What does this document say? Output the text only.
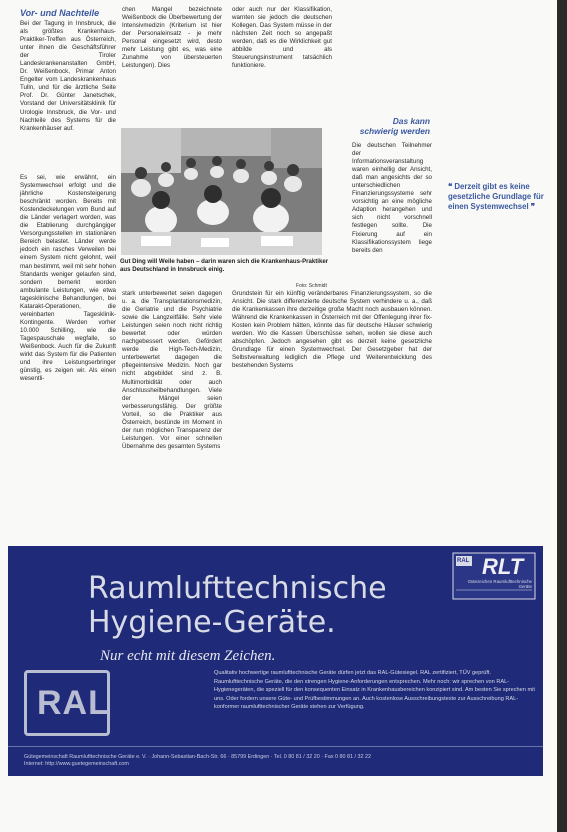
Vor- und Nachteile

Bei der Tagung in Innsbruck, die als größtes Krankenhaus-Praktiker-Treffen aus Österreich, unter ihnen die Geschäftsführer der Tiroler Landeskrankenanstalten GmbH, Dr. Weißenbock, Primar Anton Engelter vom Landeskrankenhaus Tulln, und für die ärztliche Seite Prof. Dr. Günter Janetschek, Vorstand der Universitätsklinik für Urologie Innsbruck, die Vor- und Nachteile des Systems für die Krankenhäuser auf.

Es sei, wie erwähnt, ein Systemwechsel erfolgt und die jährliche Kostensteigerung beschränkt worden. Bereits mit Kostendeckelungen vom Bund auf die Länder verlagert worden, was die Etablierung durchgängiger Versorgungsstellen im stationären Bereich belastet. Länder werde jedoch ein rasches Verweilen bei einem System nicht gelohnt, weil man bestimmt, weil mit sehr hohen Standards weniger gelaufen sind, sondern bemerkt worden ambulante Leistungen, wie etwa tagesklinische Behandlungen, bei Katarakt-Operationen, die vereinbarten Tagesklinik-Kontingente. Werden vorher 10.000 Schilling, wie die Tagespauschale wegfalle, so Weißenbock. Auch für die Zukunft wirkt das System für die Patienten und ihre Leistungserbringer günstig, es zeigen wir. Als einen wesentli-

chen Mangel bezeichnete Weißenbock die Überbewertung der Intensivmedizin (Kriterium ist hier der Personaleinsatz - je mehr Personal eingesetzt wird, desto mehr Leistung gibt es, was eine Zunahme von übersteuerten Leistungen). Dies

stark unterbewertet seien dagegen u. a. die Transplantationsmedizin, die Geriatrie und die Psychiatrie sowie die Langzeitfälle. Sehr viele Leistungen seien noch nicht richtig bewertet oder würden nachgebessert werden. Gefördert werde die High-Tech-Medizin, unterbewertet dagegen die pflegeintensive Medizin. Noch gar nicht abgebildet sind z. B. Multimorbidität oder auch Anschlussheilbehandlungen. Viele der Mängel seien verbesserungsfähig. Der größte Vorteil, so die Praktiker aus Österreich, bestünde im Moment in der nun möglichen Transparenz der Leistungen. Vor einer schnellen Übernahme des gesamten Systems

oder auch nur der Klassifikation, warnten sie jedoch die deutschen Kollegen. Das System müsse in der nächsten Zeit noch so angepaßt werden, daß es die Wirklichkeit gut abbilde und als Steuerungsinstrument tatsächlich funktioniere.

Das kann schwierig werden

Die deutschen Teilnehmer der Informationsveranstaltung waren einhellig der Ansicht, daß man angesichts der so unterschiedlichen Finanzierungssysteme sehr vorsichtig an eine mögliche Adaption herangehen und sich nicht vorschnell festlegen sollte. Die Fixierung auf ein Klassifikationssystem liege bereits den

Grundstein für ein künftig veränderbares Finanzierungssystem, so die Ansicht. Die stark differenzierte deutsche System verhindere u. a., daß die Krankenkassen ihre derzeitige große Macht noch ausbauen können. Während die Krankenkassen in Österreich mit der Offenlegung ihrer fix-Kosten kein Problem hätten, könnte das für deutsche Häuser schwierig werden. Wo die Kassen Überschüsse sehen, wollen sie diese auch abschöpfen. Jedoch angesehen gibt es derzeit keine gesetzliche Grundlage für einen Systemwechsel. Der Gesetzgeber hat der Selbstverwaltung lediglich die Pflege und Weiterentwicklung des bestehenden Systems

❝ Derzeit gibt es keine gesetzliche Grundlage für einen Systemwechsel ❞
Gut Ding will Weile haben – darin waren sich die Krankenhaus-Praktiker aus Deutschland in Innsbruck einig.
Foto: Schmidt
RAL RLT
Gütezeichen Raumlufttechnische Geräte
Raumlufttechnische
Hygiene-Geräte.
Nur echt mit diesem Zeichen.
RAL
Qualitativ hochwertige raumlufttechnische Geräte dürfen jetzt das RAL-Gütesiegel. RAL zertifiziert, TÜV geprüft. Raumlufttechnische Geräte, die den strengen Hygiene-Anforderungen entsprechen. Mehr noch: wir sprechen von RAL-Hygienegeräten, die speziell für den konsequenten Einsatz in Krankenhausbereichen konzipiert sind. Am besten Sie sprechen mit uns. Oder fordern unsere Güte- und Prüfbestimmungen an. Auch kostenlose Ausschreibungstexte zur Ausschreibung RAL-konformer raumlufttechnischer Geräte stehen zur Verfügung.
Gütegemeinschaft Raumlufttechnische Geräte e. V. · Johann-Sebastian-Bach-Str. 66 · 85799 Erdingen · Tel. 0 80 81 / 32 20 · Fax 0 80 81 / 32 22
Internet: http://www.guetegemeinschaft.com
